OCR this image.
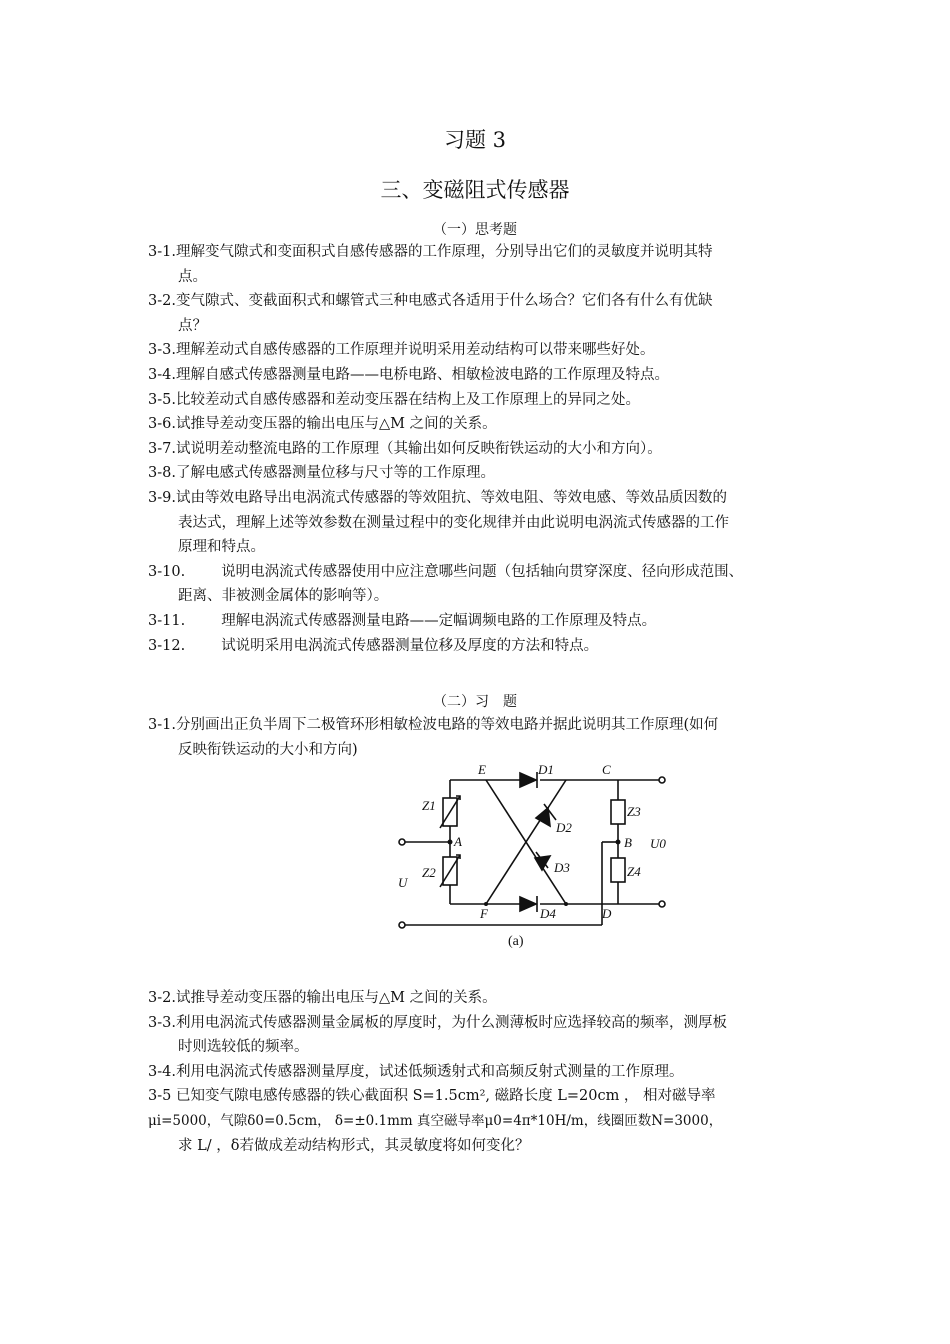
习题 3
三、变磁阻式传感器
（一）思考题
3-1.理解变气隙式和变面积式自感传感器的工作原理，分别导出它们的灵敏度并说明其特
点。
3-2.变气隙式、变截面积式和螺管式三种电感式各适用于什么场合？它们各有什么有优缺
点？
3-3.理解差动式自感传感器的工作原理并说明采用差动结构可以带来哪些好处。
3-4.理解自感式传感器测量电路——电桥电路、相敏检波电路的工作原理及特点。
3-5.比较差动式自感传感器和差动变压器在结构上及工作原理上的异同之处。
3-6.试推导差动变压器的输出电压与△M 之间的关系。
3-7.试说明差动整流电路的工作原理（其输出如何反映衔铁运动的大小和方向）。
3-8.了解电感式传感器测量位移与尺寸等的工作原理。
3-9.试由等效电路导出电涡流式传感器的等效阻抗、等效电阻、等效电感、等效品质因数的
表达式，理解上述等效参数在测量过程中的变化规律并由此说明电涡流式传感器的工作
原理和特点。
3-10. 说明电涡流式传感器使用中应注意哪些问题（包括轴向贯穿深度、径向形成范围、
距离、非被测金属体的影响等）。
3-11. 理解电涡流式传感器测量电路——定幅调频电路的工作原理及特点。
3-12. 试说明采用电涡流式传感器测量位移及厚度的方法和特点。
（二）习　题
3-1.分别画出正负半周下二极管环形相敏检波电路的等效电路并据此说明其工作原理(如何
反映衔铁运动的大小和方向)
E	D1	C
Z1
D2
Z3
A	B U0
D3
U
Z2	Z4
F	D4	D
(a)
3-2.试推导差动变压器的输出电压与△M 之间的关系。
3-3.利用电涡流式传感器测量金属板的厚度时，为什么测薄板时应选择较高的频率，测厚板
时则选较低的频率。
3-4.利用电涡流式传感器测量厚度，试述低频透射式和高频反射式测量的工作原理。
3-5 已知变气隙电感传感器的铁心截面积 S=1.5cm², 磁路长度 L=20cm ， 相对磁导率
μi=5000，气隙δ0=0.5cm， δ=±0.1mm 真空磁导率μ0=4π*10H/m，线圈匝数N=3000，
求 L/ ，δ若做成差动结构形式，其灵敏度将如何变化？
